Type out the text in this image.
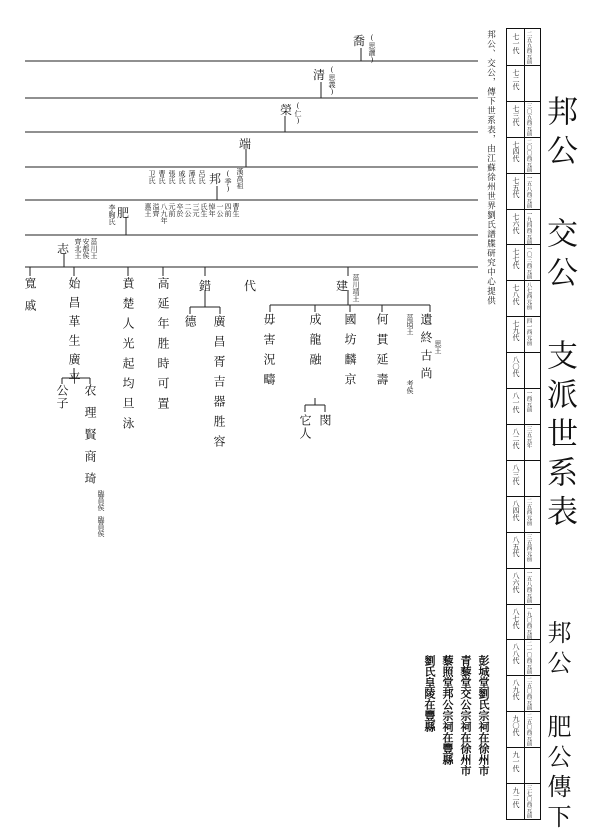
喬 (思灑)
清 (思義)
榮 (仁)
端
卫氏 曹氏 張氏 戚氏 薄氏 呂氏 邦 (季) 漢高祖
李胸氏 肥 惠王 溢齊 八九年 元前 卒於 二公 三元 氏生 悼年 一公 四前 曹生
志 齊北王 安都侯 菑川王
寬戚	始昌革生廣平
公子 农理賢商琦
臨員侯
臨員侯
賁楚人光起均旦泳
高延年胜時可置
錯	代
德 廣昌胥吉器胜容
建 菑川靖王
毋害況疇
成龍融
它人 閔
國坊麟京
何貫延壽
菑頃王 遺終古尚
思王
考侯
邦公、交公，傳下世系表，由江蘇徐州世界劉氏譜牒研究中心提供
彭城堂劉氏宗祠在徐州市
青藜堂交公宗祠在徐州市
藜照堂邦公宗祠在豐縣
劉氏皇陵在豐縣
七一代	二五五西元前
七二代
七三代	三〇五西元前
七四代	二〇〇西元前
七五代	一五八西元前
七六代	一九四西元前
七七代	一〇三西元前
七八代	八七西元前
七九代	四一西元前
八〇代
八一代	一西元前
八二代	三五元年
八三代
八四代	二五西元前
八五代	三五西元前
八六代	一五八西元前
八七代	一九〇西元前
八八代	二一〇西元前
八九代	二五〇西元前
九〇代	二五〇西元前
九一代
九二代	三七〇西元前
邦公 交公 支派世系表
邦公 肥公傳下
